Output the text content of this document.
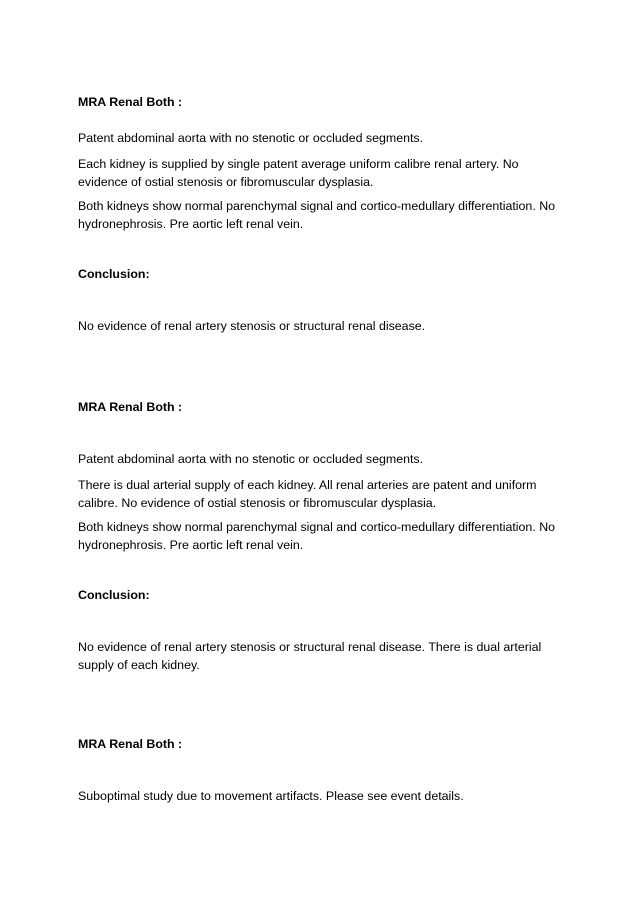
MRA Renal Both :

Patent abdominal aorta with no stenotic or occluded segments.

Each kidney is supplied by single patent average uniform calibre renal artery. No evidence of ostial stenosis or fibromuscular dysplasia.

Both kidneys show normal parenchymal signal and cortico-medullary differentiation. No hydronephrosis. Pre aortic left renal vein.

Conclusion:

No evidence of renal artery stenosis or structural renal disease.

MRA Renal Both :

Patent abdominal aorta with no stenotic or occluded segments.

There is dual arterial supply of each kidney. All renal arteries are patent and uniform calibre. No evidence of ostial stenosis or fibromuscular dysplasia.

Both kidneys show normal parenchymal signal and cortico-medullary differentiation. No hydronephrosis. Pre aortic left renal vein.

Conclusion:

No evidence of renal artery stenosis or structural renal disease. There is dual arterial supply of each kidney.

MRA Renal Both :

Suboptimal study due to movement artifacts. Please see event details.
